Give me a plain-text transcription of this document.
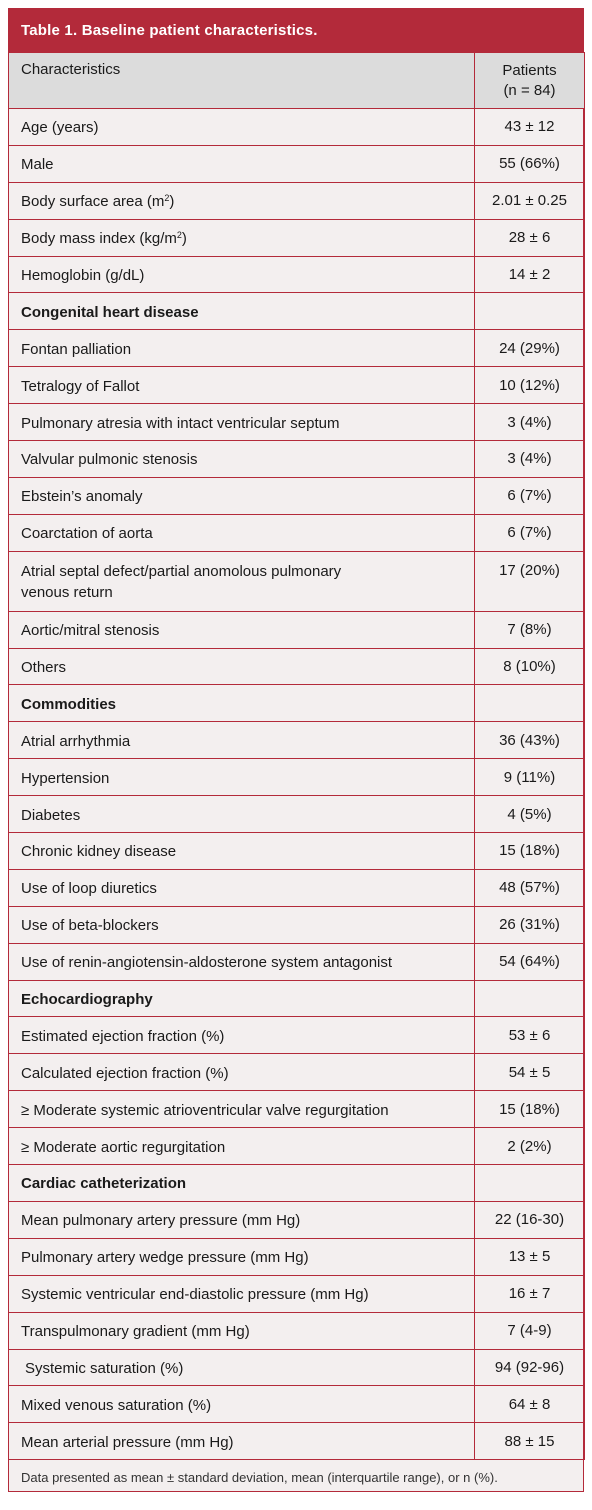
Table 1.
Baseline patient characteristics.
Characteristics	Patients
(n = 84)

Age (years)	43 ± 12
Male	55 (66%)
Body surface area $(m^2)$	2.01 ± 0.25
Body mass index $(kg/m^2)$	28 ± 6
Hemoglobin (g/dL)	14 ± 2
Congenital heart disease	
Fontan palliation	24 (29%)
Tetralogy of Fallot	10 (12%)
Pulmonary atresia with intact ventricular septum	3 (4%)
Valvular pulmonic stenosis	3 (4%)
Ebstein’s anomaly	6 (7%)
Coarctation of aorta	6 (7%)

Atrial septal defect/partial anomolous pulmonary
venous return	17 (20%)
Aortic/mitral stenosis	7 (8%)
Others	8 (10%)
Commodities	
Atrial arrhythmia	36 (43%)
Hypertension	9 (11%)
Diabetes	4 (5%)
Chronic kidney disease	15 (18%)
Use of loop diuretics	48 (57%)
Use of beta-blockers	26 (31%)
Use of renin-angiotensin-aldosterone system antagonist	54 (64%)
Echocardiography	
Estimated ejection fraction (%)	53 ± 6
Calculated ejection fraction (%)	54 ± 5
≥ Moderate systemic atrioventricular valve regurgitation	15 (18%)
≥ Moderate aortic regurgitation	2 (2%)
Cardiac catheterization	
Mean pulmonary artery pressure (mm Hg)	22 (16-30)
Pulmonary artery wedge pressure (mm Hg)	13 ± 5
Systemic ventricular end-diastolic pressure (mm Hg)	16 ± 7
Transpulmonary gradient (mm Hg)	7 (4-9)
Systemic saturation (%)	94 (92-96)
Mixed venous saturation (%)	64 ± 8
Mean arterial pressure (mm Hg)	88 ± 15
Data presented as mean ± standard deviation, mean (interquartile range), or n (%).
